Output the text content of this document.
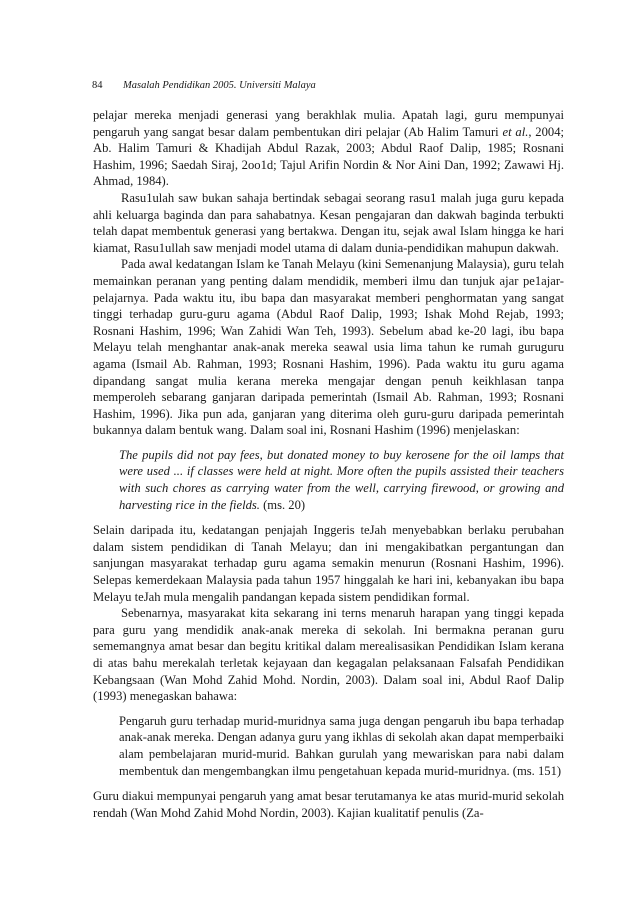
84 Masalah Pendidikan 2005. Universiti Malaya

pelajar mereka menjadi generasi yang berakhlak mulia. Apatah lagi, guru mempunyai pengaruh yang sangat besar dalam pembentukan diri pelajar (Ab Halim Tamuri et al., 2004; Ab. Halim Tamuri & Khadijah Abdul Razak, 2003; Abdul Raof Dalip, 1985; Rosnani Hashim, 1996; Saedah Siraj, 2oo1d; Tajul Arifin Nordin & Nor Aini Dan, 1992; Zawawi Hj. Ahmad, 1984).

Rasu1ulah saw bukan sahaja bertindak sebagai seorang rasu1 malah juga guru kepada ahli keluarga baginda dan para sahabatnya. Kesan pengajaran dan dakwah baginda terbukti telah dapat membentuk generasi yang bertakwa. Dengan itu, sejak awal Islam hingga ke hari kiamat, Rasu1ullah saw menjadi model utama di dalam dunia-pendidikan mahupun dakwah.

Pada awal kedatangan Islam ke Tanah Melayu (kini Semenanjung Malaysia), guru telah memainkan peranan yang penting dalam mendidik, memberi ilmu dan tunjuk ajar pe1ajar-pelajarnya. Pada waktu itu, ibu bapa dan masyarakat memberi penghormatan yang sangat tinggi terhadap guru-guru agama (Abdul Raof Dalip, 1993; Ishak Mohd Rejab, 1993; Rosnani Hashim, 1996; Wan Zahidi Wan Teh, 1993). Sebelum abad ke-20 lagi, ibu bapa Melayu telah menghantar anak-anak mereka seawal usia lima tahun ke rumah guruguru agama (Ismail Ab. Rahman, 1993; Rosnani Hashim, 1996). Pada waktu itu guru agama dipandang sangat mulia kerana mereka mengajar dengan penuh keikhlasan tanpa memperoleh sebarang ganjaran daripada pemerintah (Ismail Ab. Rahman, 1993; Rosnani Hashim, 1996). Jika pun ada, ganjaran yang diterima oleh guru-guru daripada pemerintah bukannya dalam bentuk wang. Dalam soal ini, Rosnani Hashim (1996) menjelaskan:

The pupils did not pay fees, but donated money to buy kerosene for the oil lamps that were used ... if classes were held at night. More often the pupils assisted their teachers with such chores as carrying water from the well, carrying firewood, or growing and harvesting rice in the fields. (ms. 20)

Selain daripada itu, kedatangan penjajah Inggeris teJah menyebabkan berlaku perubahan dalam sistem pendidikan di Tanah Melayu; dan ini mengakibatkan pergantungan dan sanjungan masyarakat terhadap guru agama semakin menurun (Rosnani Hashim, 1996). Selepas kemerdekaan Malaysia pada tahun 1957 hinggalah ke hari ini, kebanyakan ibu bapa Melayu teJah mula mengalih pandangan kepada sistem pendidikan formal.

Sebenarnya, masyarakat kita sekarang ini terns menaruh harapan yang tinggi kepada para guru yang mendidik anak-anak mereka di sekolah. Ini bermakna peranan guru sememangnya amat besar dan begitu kritikal dalam merealisasikan Pendidikan Islam kerana di atas bahu merekalah terletak kejayaan dan kegagalan pelaksanaan Falsafah Pendidikan Kebangsaan (Wan Mohd Zahid Mohd. Nordin, 2003). Dalam soal ini, Abdul Raof Dalip (1993) menegaskan bahawa:

Pengaruh guru terhadap murid-muridnya sama juga dengan pengaruh ibu bapa terhadap anak-anak mereka. Dengan adanya guru yang ikhlas di sekolah akan dapat memperbaiki alam pembelajaran murid-murid. Bahkan gurulah yang mewariskan para nabi dalam membentuk dan mengembangkan ilmu pengetahuan kepada murid-muridnya. (ms. 151)

Guru diakui mempunyai pengaruh yang amat besar terutamanya ke atas murid-murid sekolah rendah (Wan Mohd Zahid Mohd Nordin, 2003). Kajian kualitatif penulis (Za-
